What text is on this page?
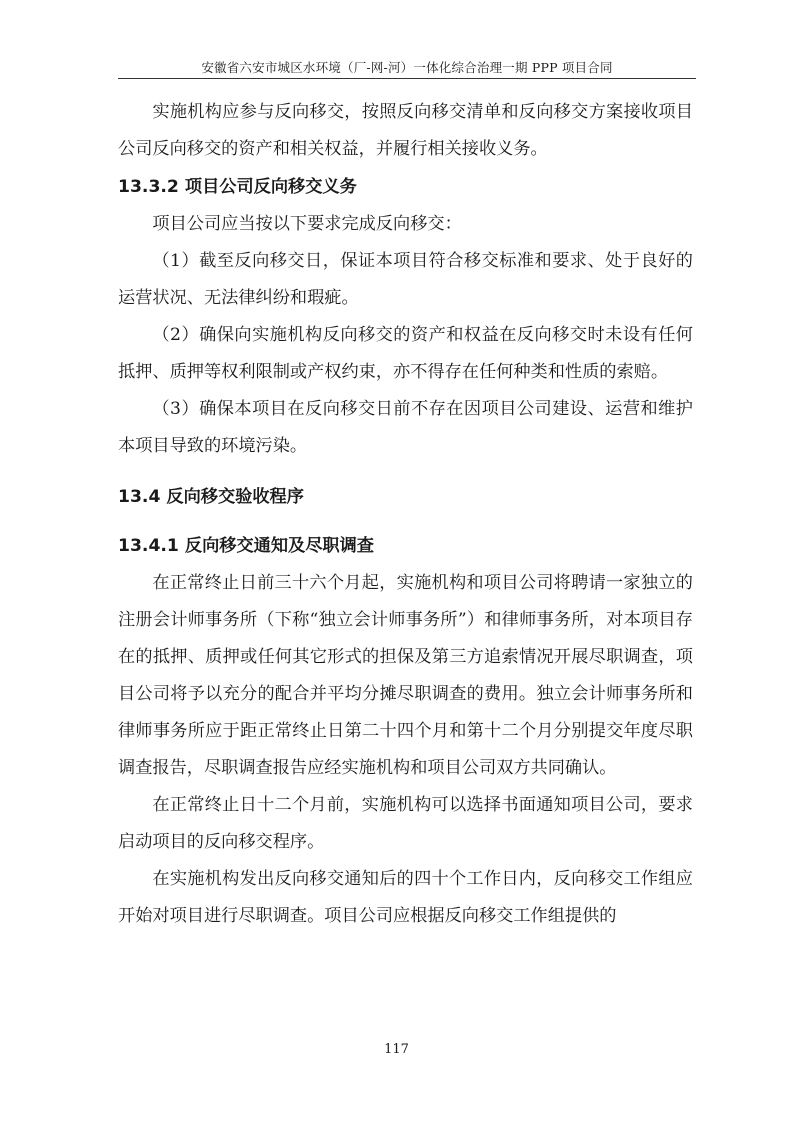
安徽省六安市城区水环境（厂-网-河）一体化综合治理一期 PPP 项目合同

实施机构应参与反向移交，按照反向移交清单和反向移交方案接收项目公司反向移交的资产和相关权益，并履行相关接收义务。

13.3.2 项目公司反向移交义务

项目公司应当按以下要求完成反向移交：

（1）截至反向移交日，保证本项目符合移交标准和要求、处于良好的运营状况、无法律纠纷和瑕疵。

（2）确保向实施机构反向移交的资产和权益在反向移交时未设有任何抵押、质押等权利限制或产权约束，亦不得存在任何种类和性质的索赔。

（3）确保本项目在反向移交日前不存在因项目公司建设、运营和维护本项目导致的环境污染。

13.4 反向移交验收程序

13.4.1 反向移交通知及尽职调查

在正常终止日前三十六个月起，实施机构和项目公司将聘请一家独立的注册会计师事务所（下称“独立会计师事务所”）和律师事务所，对本项目存在的抵押、质押或任何其它形式的担保及第三方追索情况开展尽职调查，项目公司将予以充分的配合并平均分摊尽职调查的费用。独立会计师事务所和律师事务所应于距正常终止日第二十四个月和第十二个月分别提交年度尽职调查报告，尽职调查报告应经实施机构和项目公司双方共同确认。

在正常终止日十二个月前，实施机构可以选择书面通知项目公司，要求启动项目的反向移交程序。

在实施机构发出反向移交通知后的四十个工作日内，反向移交工作组应开始对项目进行尽职调查。项目公司应根据反向移交工作组提供的

117
